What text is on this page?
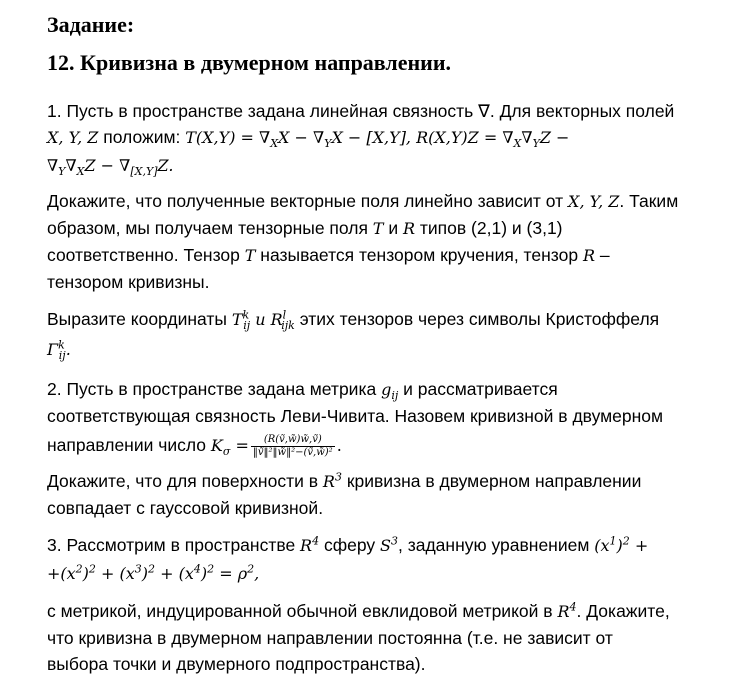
Задание:
12. Кривизна в двумерном направлении.
1. Пусть в пространстве задана линейная связность ∇. Для векторных полей
X, Y, Z положим: $T(X,Y) = \nabla_XX - \nabla_YX - [X,Y]$, $R(X,Y)Z = \nabla_X\nabla_YZ$ −
$\nabla_Y\nabla_XZ - \nabla_{[X,Y]}Z$.
Докажите, что полученные векторные поля линейно зависит от X, Y, Z. Таким
образом, мы получаем тензорные поля T и R типов (2,1) и (3,1)
соответственно. Тензор T называется тензором кручения, тензор R –
тензором кривизны.
Выразите координаты $T^k_{ij}$ и $R^l_{ijk}$ этих тензоров через символы Кристоффеля
$\Gamma^k_{ij}$.
2. Пусть в пространстве задана метрика $g_{ij}$ и рассматривается
соответствующая связность Леви-Чивита. Назовем кривизной в двумерном
направлении число $K_\sigma = \frac{\text{(R(ṽ,w̃)w̃,ṽ)}}{\text{‖ṽ‖²‖w̃‖²−(ṽ,w̃)²}}$ .
Докажите, что для поверхности в $R^3$ кривизна в двумерном направлении
совпадает с гауссовой кривизной.
3. Рассмотрим в пространстве $R^4$ сферу $S^3$, заданную уравнением $(x^1)^2$ +
$+(x^2)^2 + (x^3)^2 + (x^4)^2 = \rho^2$,
с метрикой, индуцированной обычной евклидовой метрикой в $R^4$. Докажите,
что кривизна в двумерном направлении постоянна (т.е. не зависит от
выбора точки и двумерного подпространства).
